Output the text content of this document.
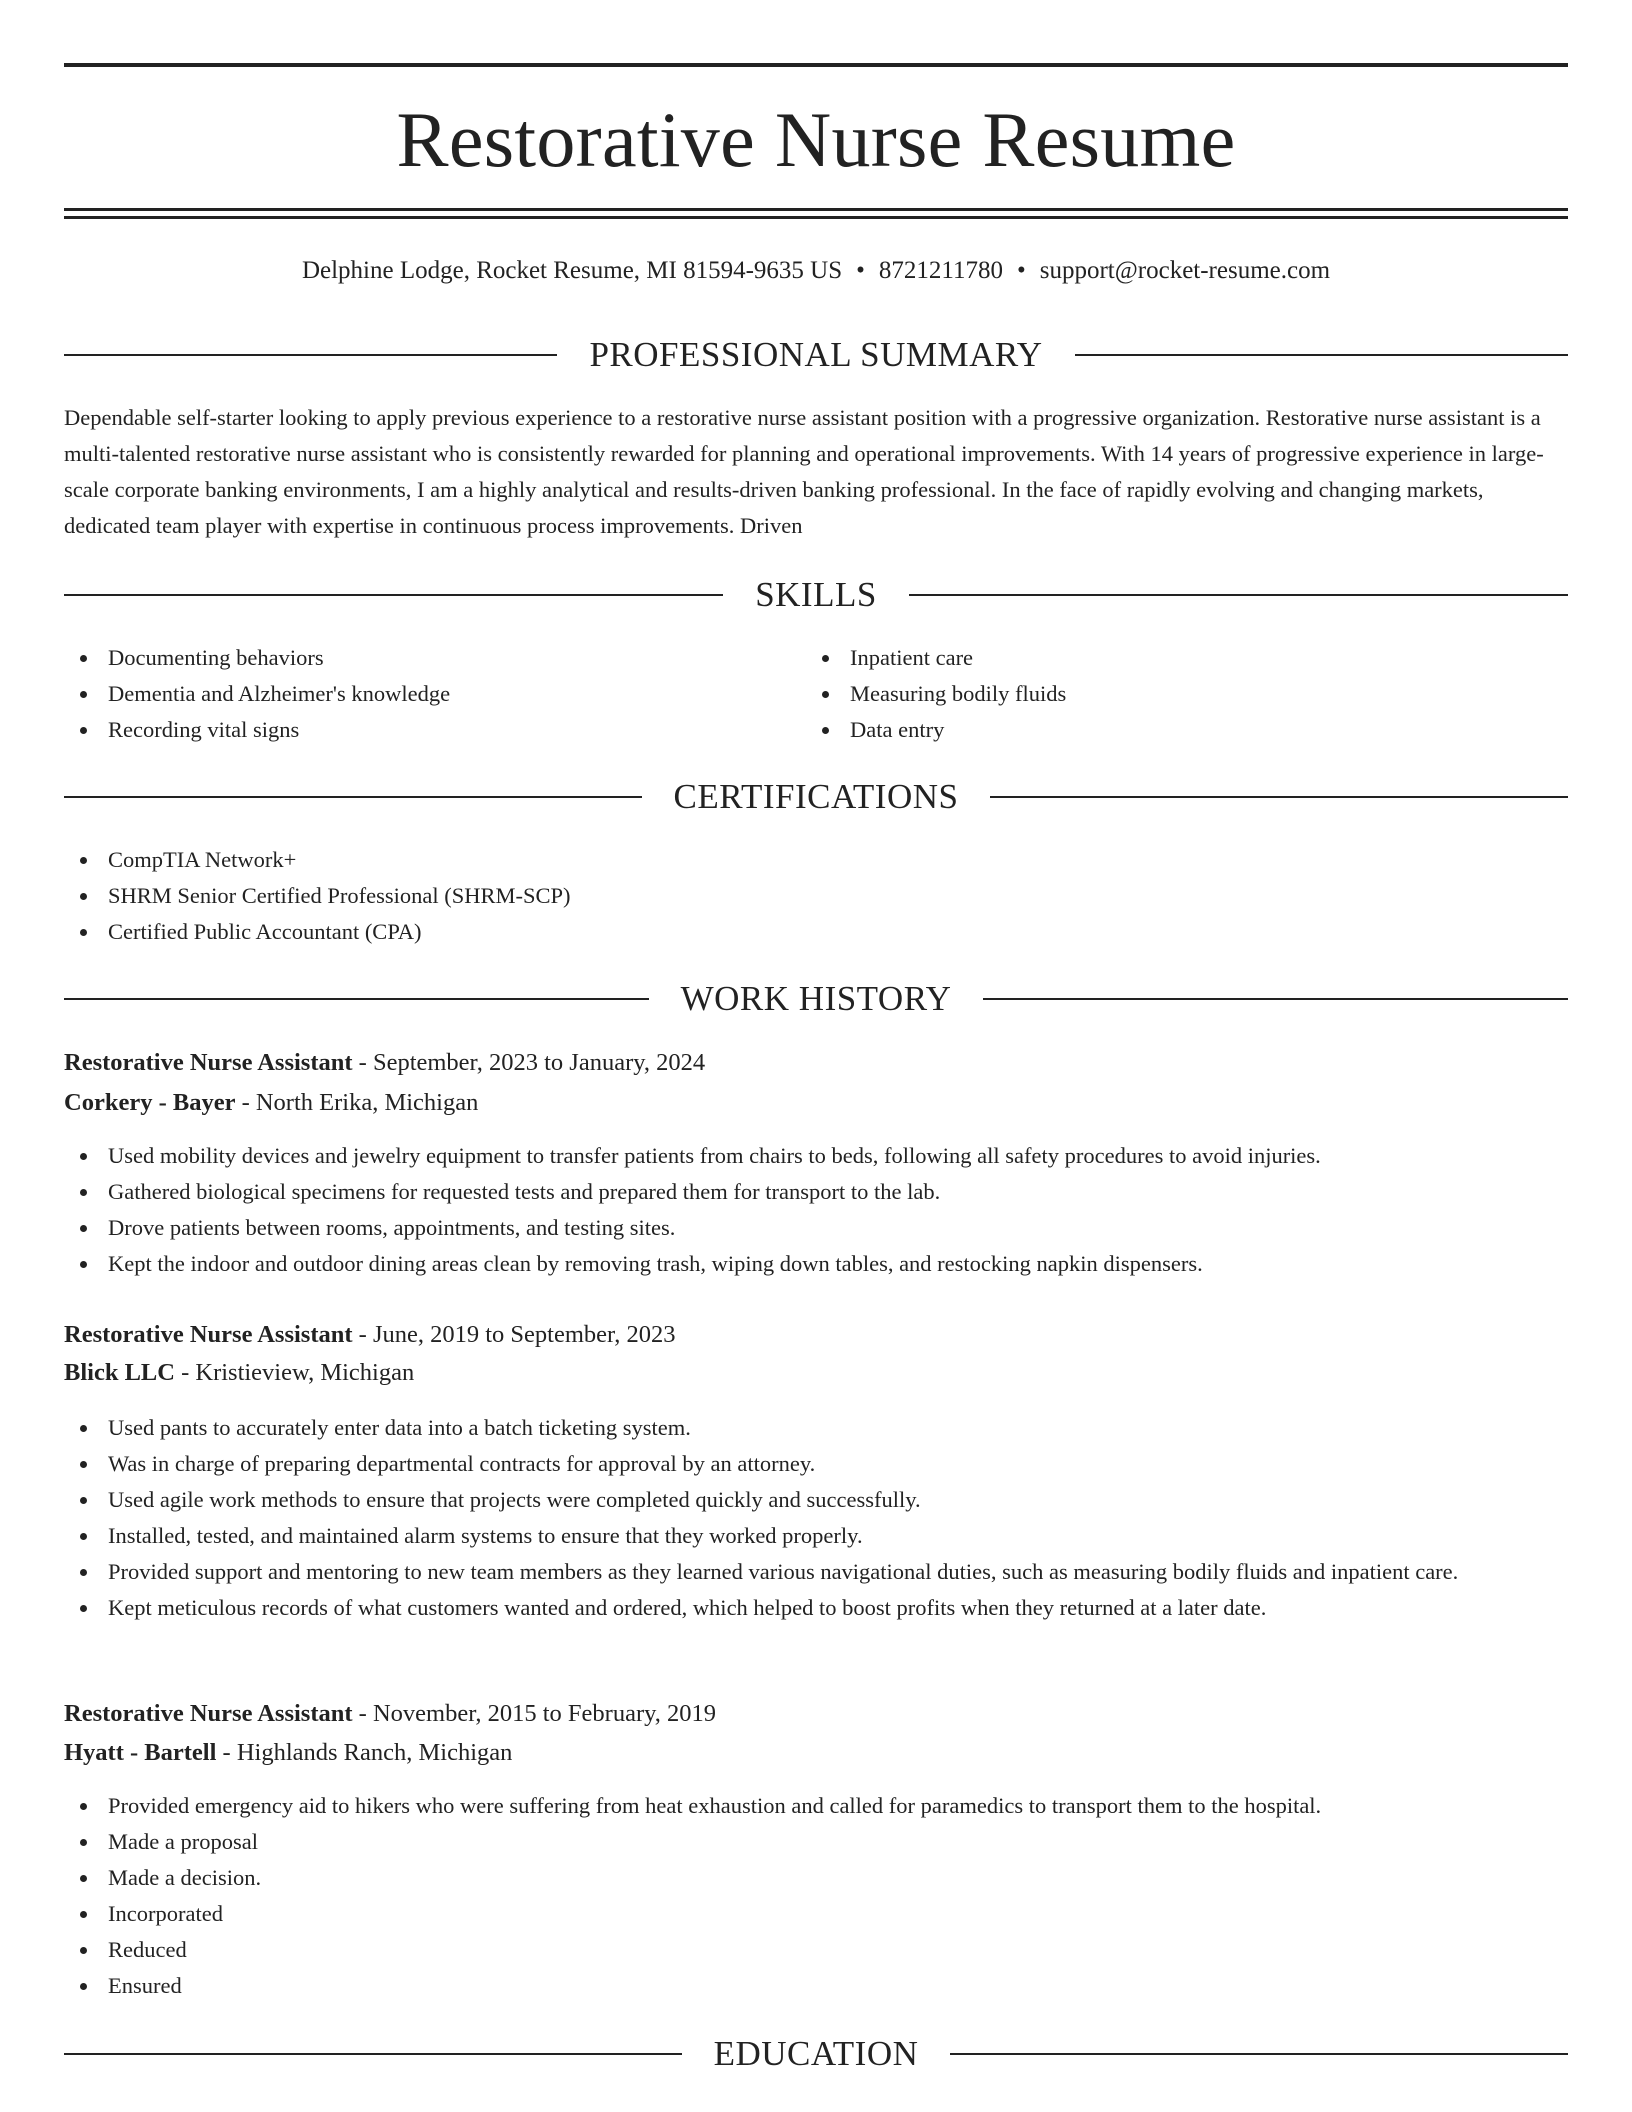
Restorative Nurse Resume
Delphine Lodge, Rocket Resume, MI 81594-9635 US • 8721211780 • support@rocket-resume.com
PROFESSIONAL SUMMARY

Dependable self-starter looking to apply previous experience to a restorative nurse assistant position with a progressive organization. Restorative nurse assistant is a multi-talented restorative nurse assistant who is consistently rewarded for planning and operational improvements. With 14 years of progressive experience in large-scale corporate banking environments, I am a highly analytical and results-driven banking professional. In the face of rapidly evolving and changing markets, dedicated team player with expertise in continuous process improvements. Driven

SKILLS
Documenting behaviors
Dementia and Alzheimer's knowledge
Recording vital signs
Inpatient care
Measuring bodily fluids
Data entry
CERTIFICATIONS
CompTIA Network+
SHRM Senior Certified Professional (SHRM-SCP)
Certified Public Accountant (CPA)
WORK HISTORY
Restorative Nurse Assistant - September, 2023 to January, 2024
Corkery - Bayer - North Erika, Michigan
Used mobility devices and jewelry equipment to transfer patients from chairs to beds, following all safety procedures to avoid injuries.
Gathered biological specimens for requested tests and prepared them for transport to the lab.
Drove patients between rooms, appointments, and testing sites.
Kept the indoor and outdoor dining areas clean by removing trash, wiping down tables, and restocking napkin dispensers.
Restorative Nurse Assistant - June, 2019 to September, 2023
Blick LLC - Kristieview, Michigan
Used pants to accurately enter data into a batch ticketing system.
Was in charge of preparing departmental contracts for approval by an attorney.
Used agile work methods to ensure that projects were completed quickly and successfully.
Installed, tested, and maintained alarm systems to ensure that they worked properly.
Provided support and mentoring to new team members as they learned various navigational duties, such as measuring bodily fluids and inpatient care.
Kept meticulous records of what customers wanted and ordered, which helped to boost profits when they returned at a later date.
Restorative Nurse Assistant - November, 2015 to February, 2019
Hyatt - Bartell - Highlands Ranch, Michigan
Provided emergency aid to hikers who were suffering from heat exhaustion and called for paramedics to transport them to the hospital.
Made a proposal
Made a decision.
Incorporated
Reduced
Ensured
EDUCATION
